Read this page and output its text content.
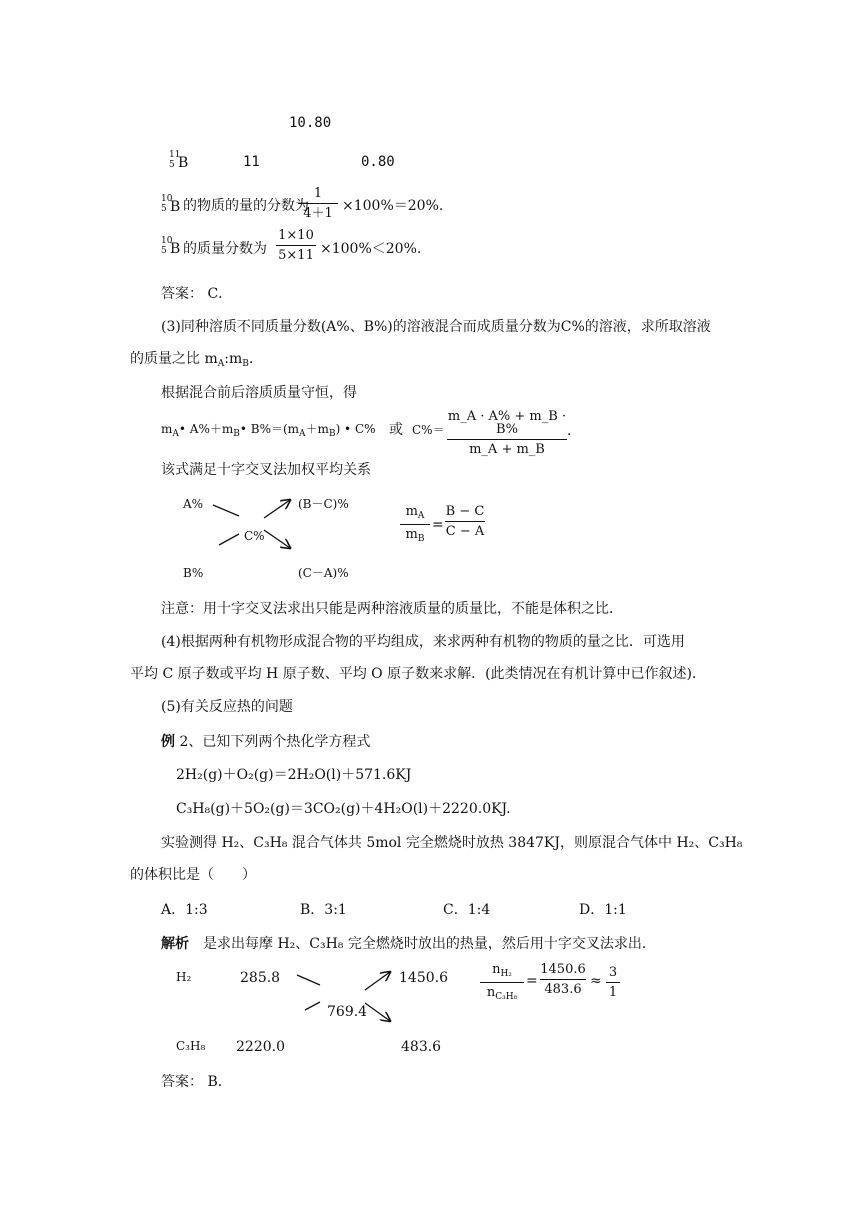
10.80
11
5 B	11	0.80
10
5 B 的物质的量的分数为
1
4＋1 ×100%＝20%.
10
5 B 的质量分数为
1×10
5×11 ×100%＜20%.
答案： C．
(3)同种溶质不同质量分数(A%、B%)的溶液混合而成质量分数为C%的溶液，求所取溶液
的质量之比 $m_A:m_B$.
根据混合前后溶质质量守恒，得
$m_A•$ $A\%+m_B•$ $B\%=(m_A+m_B)$ • C% 或 C%＝
m_A · A% + m_B · B%
m_A + m_B
.
该式满足十字交叉法加权平均关系
A%	(B－C)%
C%
B%	(C－A)%
$m_A$
$m_B$
=
B − C
C − A
注意：用十字交叉法求出只能是两种溶液质量的质量比，不能是体积之比．
(4)根据两种有机物形成混合物的平均组成，来求两种有机物的物质的量之比．可选用
平均 C 原子数或平均 H 原子数、平均 O 原子数来求解．(此类情况在有机计算中已作叙述)．
(5)有关反应热的问题
例 2、已知下列两个热化学方程式
2H₂(g)＋O₂(g)＝2H₂O(l)＋571.6KJ
C₃H₈(g)＋5O₂(g)＝3CO₂(g)＋4H₂O(l)＋2220.0KJ.
实验测得 H₂、C₃H₈ 混合气体共 5mol 完全燃烧时放热 3847KJ，则原混合气体中 H₂、C₃H₈
的体积比是（　　）
A．1:3	B．3:1	C．1:4	D．1:1
解析　是求出每摩 H₂、C₃H₈ 完全燃烧时放出的热量，然后用十字交叉法求出．
H₂	285.8	1450.6
769.4
C₃H₈ 2220.0	483.6
$n_{H_2}$
$n_{C_3H_8}$
=
1450.6
483.6
≈
3
1
答案： B．
